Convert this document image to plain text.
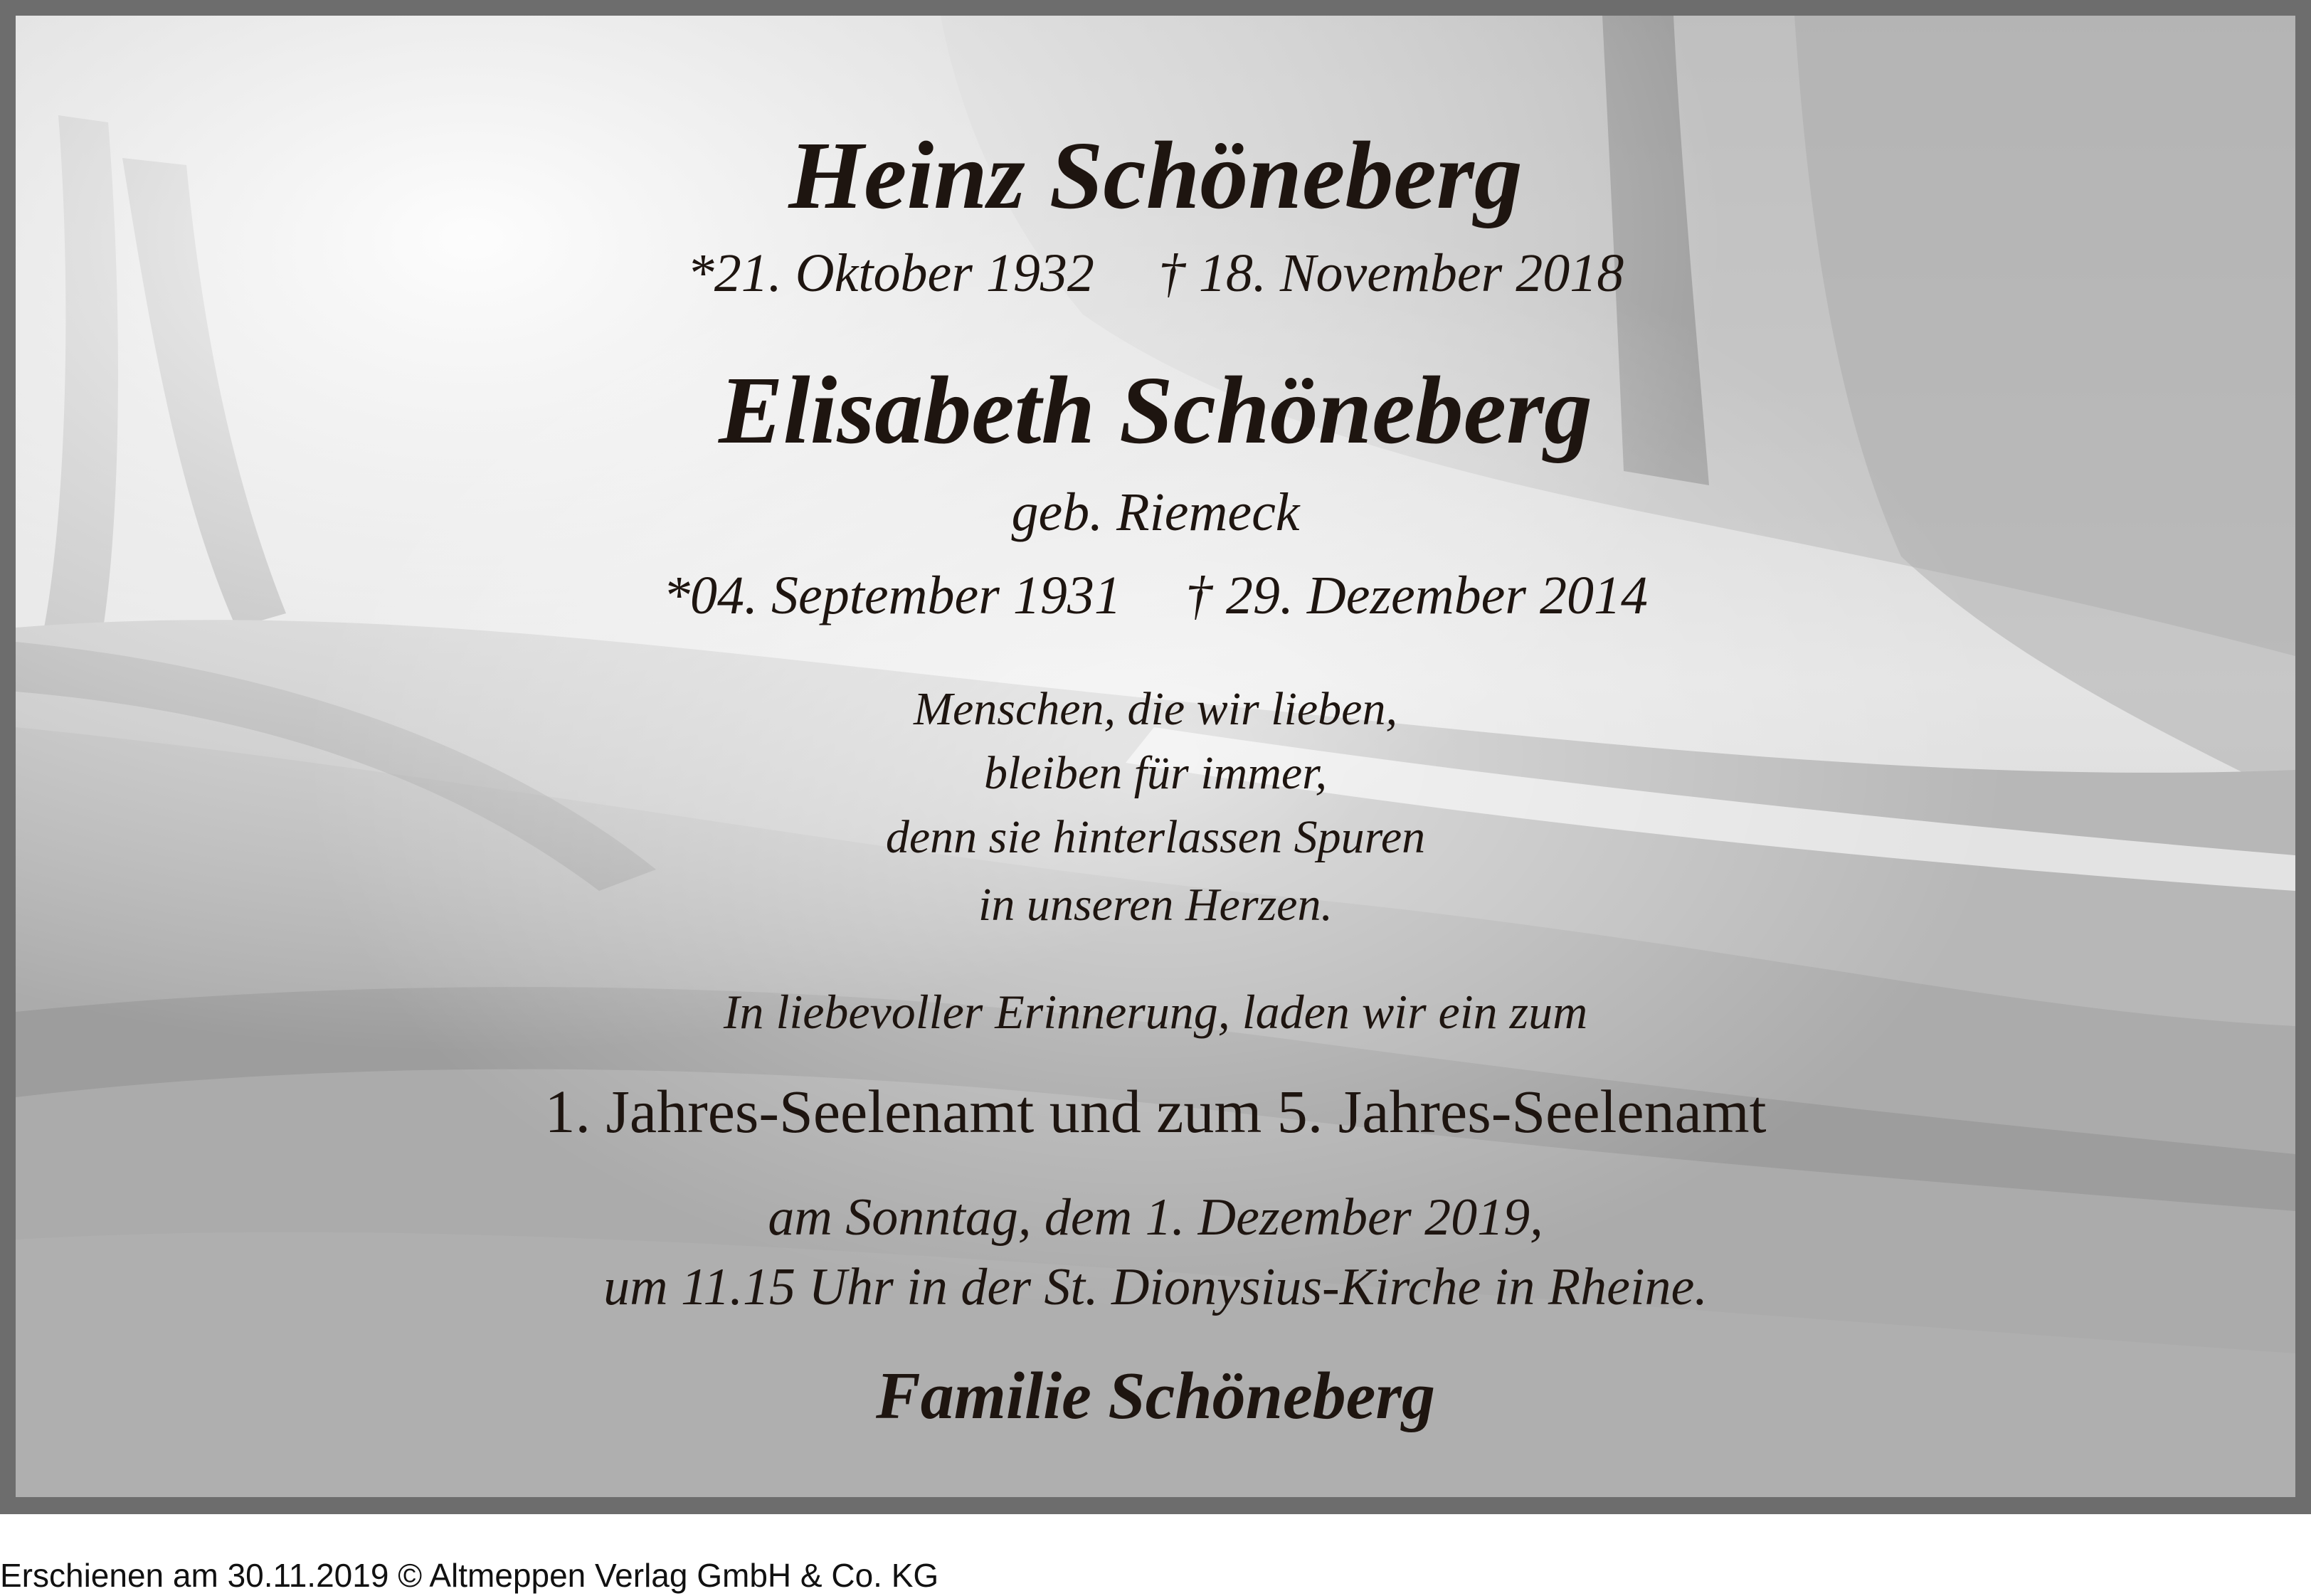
Heinz Schöneberg
*21. Oktober 1932 † 18. November 2018
Elisabeth Schöneberg
geb. Riemeck
*04. September 1931 † 29. Dezember 2014
Menschen, die wir lieben,
bleiben für immer,
denn sie hinterlassen Spuren
in unseren Herzen.
In liebevoller Erinnerung, laden wir ein zum
1. Jahres-Seelenamt und zum 5. Jahres-Seelenamt
am Sonntag, dem 1. Dezember 2019,
um 11.15 Uhr in der St. Dionysius-Kirche in Rheine.
Familie Schöneberg
Erschienen am 30.11.2019 © Altmeppen Verlag GmbH & Co. KG
